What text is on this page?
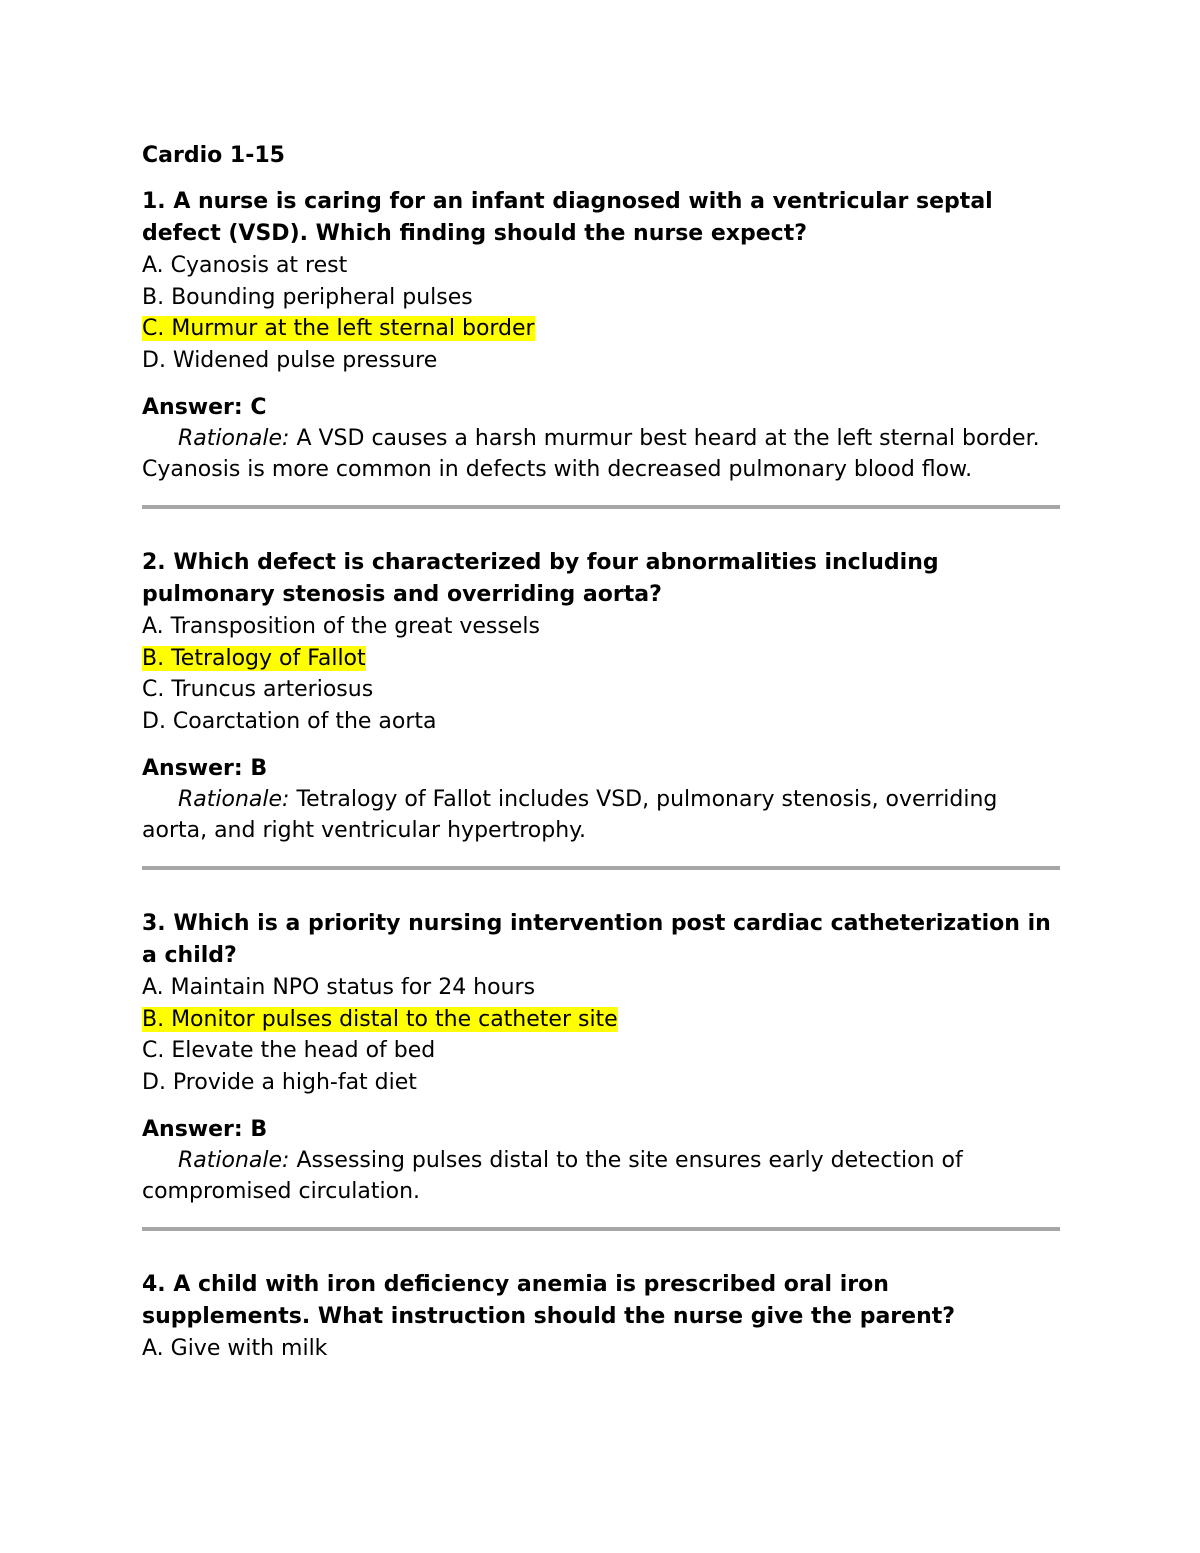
Cardio 1-15

1. A nurse is caring for an infant diagnosed with a ventricular septal defect (VSD). Which finding should the nurse expect?

A. Cyanosis at rest
B. Bounding peripheral pulses
C. Murmur at the left sternal border
D. Widened pulse pressure
Answer: C
Rationale: A VSD causes a harsh murmur best heard at the left sternal border. Cyanosis is more common in defects with decreased pulmonary blood flow.

2. Which defect is characterized by four abnormalities including pulmonary stenosis and overriding aorta?

A. Transposition of the great vessels
B. Tetralogy of Fallot
C. Truncus arteriosus
D. Coarctation of the aorta
Answer: B
Rationale: Tetralogy of Fallot includes VSD, pulmonary stenosis, overriding aorta, and right ventricular hypertrophy.

3. Which is a priority nursing intervention post cardiac catheterization in a child?

A. Maintain NPO status for 24 hours
B. Monitor pulses distal to the catheter site
C. Elevate the head of bed
D. Provide a high-fat diet
Answer: B
Rationale: Assessing pulses distal to the site ensures early detection of compromised circulation.

4. A child with iron deficiency anemia is prescribed oral iron supplements. What instruction should the nurse give the parent?

A. Give with milk
